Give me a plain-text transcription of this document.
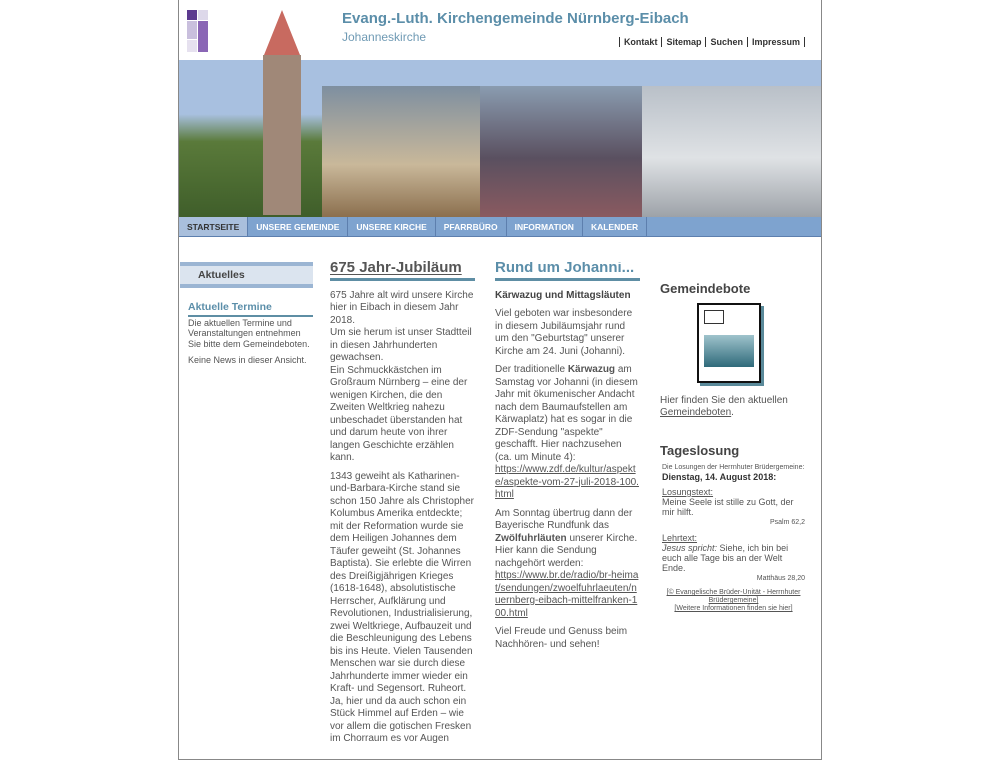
Evang.-Luth. Kirchengemeinde Nürnberg-Eibach
Johanneskirche	Kontakt	Sitemap	Suchen	Impressum
STARTSEITE	UNSERE GEMEINDE	UNSERE KIRCHE	PFARRBÜRO	INFORMATION	KALENDER
Aktuelles
Aktuelle Termine

Die aktuellen Termine und Veranstaltungen entnehmen Sie bitte dem Gemeindeboten.

Keine News in dieser Ansicht.

675 Jahr-Jubiläum

675 Jahre alt wird unsere Kirche hier in Eibach in diesem Jahr 2018.
Um sie herum ist unser Stadtteil in diesen Jahrhunderten gewachsen.
Ein Schmuckkästchen im Großraum Nürnberg – eine der wenigen Kirchen, die den Zweiten Weltkrieg nahezu unbeschadet überstanden hat und darum heute von ihrer langen Geschichte erzählen kann.

1343 geweiht als Katharinen-und-Barbara-Kirche stand sie schon 150 Jahre als Christopher Kolumbus Amerika entdeckte; mit der Reformation wurde sie dem Heiligen Johannes dem Täufer geweiht (St. Johannes Baptista). Sie erlebte die Wirren des Dreißigjährigen Krieges (1618-1648), absolutistische Herrscher, Aufklärung und Revolutionen, Industrialisierung, zwei Weltkriege, Aufbauzeit und die Beschleunigung des Lebens bis ins Heute. Vielen Tausenden Menschen war sie durch diese Jahrhunderte immer wieder ein Kraft- und Segensort. Ruheort. Ja, hier und da auch schon ein Stück Himmel auf Erden – wie vor allem die gotischen Fresken im Chorraum es vor Augen

Rund um Johanni...

Kärwazug und Mittagsläuten

Viel geboten war insbesondere in diesem Jubiläumsjahr rund um den "Geburtstag" unserer Kirche am 24. Juni (Johanni).

Der traditionelle Kärwazug am Samstag vor Johanni (in diesem Jahr mit ökumenischer Andacht nach dem Baumaufstellen am Kärwaplatz) hat es sogar in die ZDF-Sendung "aspekte" geschafft. Hier nachzusehen (ca. um Minute 4):
https://www.zdf.de/kultur/aspekte/aspekte-vom-27-juli-2018-100.html

Am Sonntag übertrug dann der Bayerische Rundfunk das Zwölfuhrläuten unserer Kirche. Hier kann die Sendung nachgehört werden:
https://www.br.de/radio/br-heimat/sendungen/zwoelfuhrlaeuten/nuernberg-eibach-mittelfranken-100.html

Viel Freude und Genuss beim Nachhören- und sehen!

Gemeindebote

Hier finden Sie den aktuellen Gemeindeboten.

Tageslosung
Die Losungen der Herrnhuter Brüdergemeine:
Dienstag, 14. August 2018:
Losungstext:
Meine Seele ist stille zu Gott, der mir hilft.
Psalm 62,2
Lehrtext:
Jesus spricht: Siehe, ich bin bei euch alle Tage bis an der Welt Ende.
Matthäus 28,20
[© Evangelische Brüder-Unität - Herrnhuter Brüdergemeine]
[Weitere Informationen finden sie hier]
